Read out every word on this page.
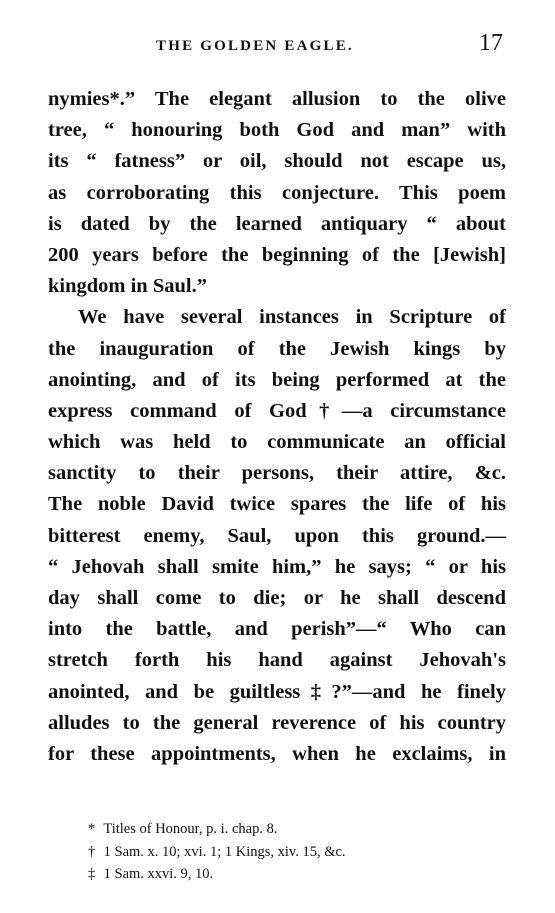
THE GOLDEN EAGLE.	17
nymies*.” The elegant allusion to the olive
tree, “ honouring both God and man” with
its “ fatness” or oil, should not escape us,
as corroborating this conjecture. This poem
is dated by the learned antiquary “ about
200 years before the beginning of the [Jewish]
kingdom in Saul.”
We have several instances in Scripture of
the inauguration of the Jewish kings by
anointing, and of its being performed at the
express command of God†—a circumstance
which was held to communicate an official
sanctity to their persons, their attire, &c.
The noble David twice spares the life of his
bitterest enemy, Saul, upon this ground.—
“ Jehovah shall smite him,” he says; “ or his
day shall come to die; or he shall descend
into the battle, and perish”—“ Who can
stretch forth his hand against Jehovah's
anointed, and be guiltless‡?”—and he finely
alludes to the general reverence of his country
for these appointments, when he exclaims, in
* Titles of Honour, p. i. chap. 8.
† 1 Sam. x. 10; xvi. 1; 1 Kings, xiv. 15, &c.
‡ 1 Sam. xxvi. 9, 10.
